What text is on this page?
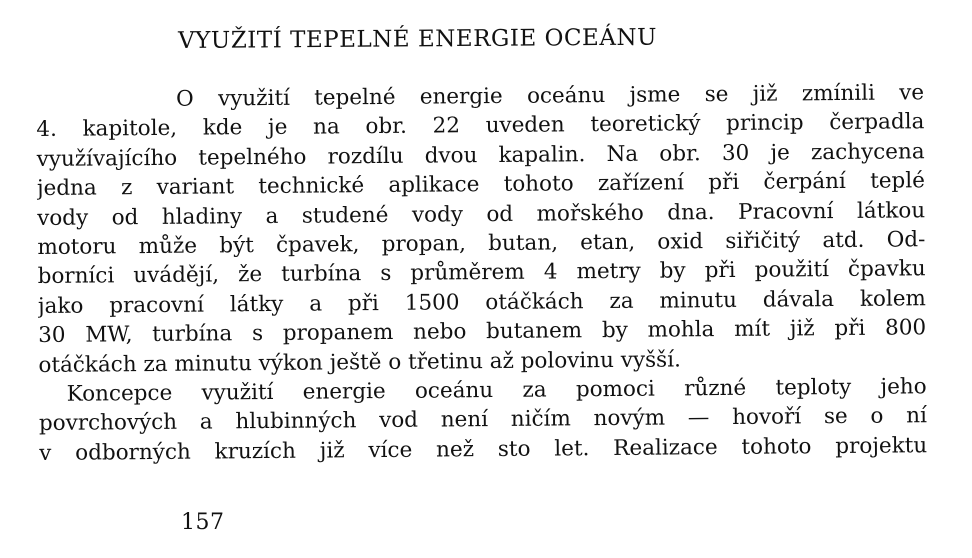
VYUŽITÍ TEPELNÉ ENERGIE OCEÁNU
O využití tepelné energie oceánu jsme se již zmínili ve
4. kapitole, kde je na obr. 22 uveden teoretický princip čerpadla
využívajícího tepelného rozdílu dvou kapalin. Na obr. 30 je zachycena
jedna z variant technické aplikace tohoto zařízení při čerpání teplé
vody od hladiny a studené vody od mořského dna. Pracovní látkou
motoru může být čpavek, propan, butan, etan, oxid siřičitý atd. Od-
borníci uvádějí, že turbína s průměrem 4 metry by při použití čpavku
jako pracovní látky a při 1500 otáčkách za minutu dávala kolem
30 MW, turbína s propanem nebo butanem by mohla mít již při 800
otáčkách za minutu výkon ještě o třetinu až polovinu vyšší.
Koncepce využití energie oceánu za pomoci různé teploty jeho
povrchových a hlubinných vod není ničím novým — hovoří se o ní
v odborných kruzích již více než sto let. Realizace tohoto projektu
157
